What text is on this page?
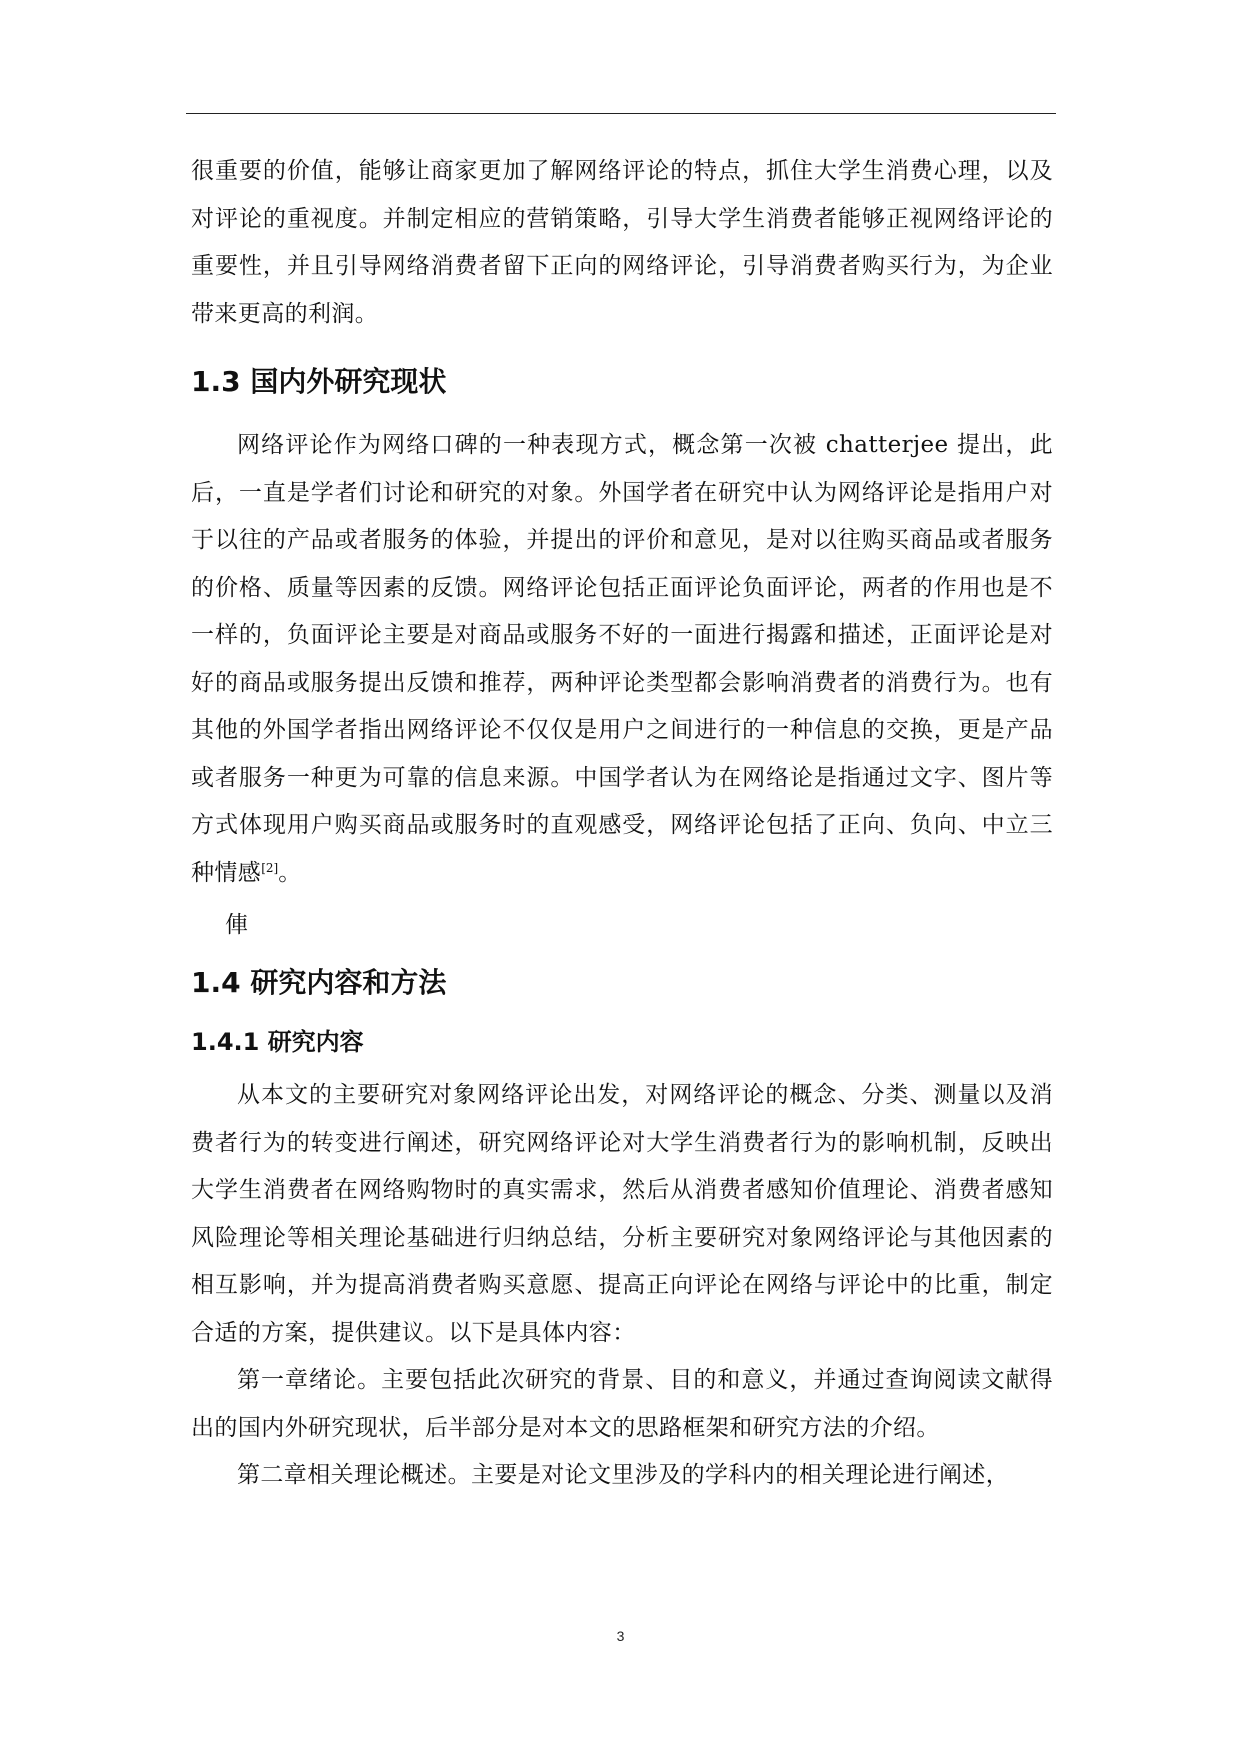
很重要的价值，能够让商家更加了解网络评论的特点，抓住大学生消费心理，以及对评论的重视度。并制定相应的营销策略，引导大学生消费者能够正视网络评论的重要性，并且引导网络消费者留下正向的网络评论，引导消费者购买行为，为企业带来更高的利润。

1.3 国内外研究现状

网络评论作为网络口碑的一种表现方式，概念第一次被 chatterjee 提出，此后，一直是学者们讨论和研究的对象。外国学者在研究中认为网络评论是指用户对于以往的产品或者服务的体验，并提出的评价和意见，是对以往购买商品或者服务的价格、质量等因素的反馈。网络评论包括正面评论负面评论，两者的作用也是不一样的，负面评论主要是对商品或服务不好的一面进行揭露和描述，正面评论是对好的商品或服务提出反馈和推荐，两种评论类型都会影响消费者的消费行为。也有其他的外国学者指出网络评论不仅仅是用户之间进行的一种信息的交换，更是产品或者服务一种更为可靠的信息来源。中国学者认为在网络论是指通过文字、图片等方式体现用户购买商品或服务时的直观感受，网络评论包括了正向、负向、中立三种情感[2]。

俥

1.4 研究内容和方法
1.4.1 研究内容

从本文的主要研究对象网络评论出发，对网络评论的概念、分类、测量以及消费者行为的转变进行阐述，研究网络评论对大学生消费者行为的影响机制，反映出大学生消费者在网络购物时的真实需求，然后从消费者感知价值理论、消费者感知风险理论等相关理论基础进行归纳总结，分析主要研究对象网络评论与其他因素的相互影响，并为提高消费者购买意愿、提高正向评论在网络与评论中的比重，制定合适的方案，提供建议。以下是具体内容：

第一章绪论。主要包括此次研究的背景、目的和意义，并通过查询阅读文献得出的国内外研究现状，后半部分是对本文的思路框架和研究方法的介绍。

第二章相关理论概述。主要是对论文里涉及的学科内的相关理论进行阐述，

3
